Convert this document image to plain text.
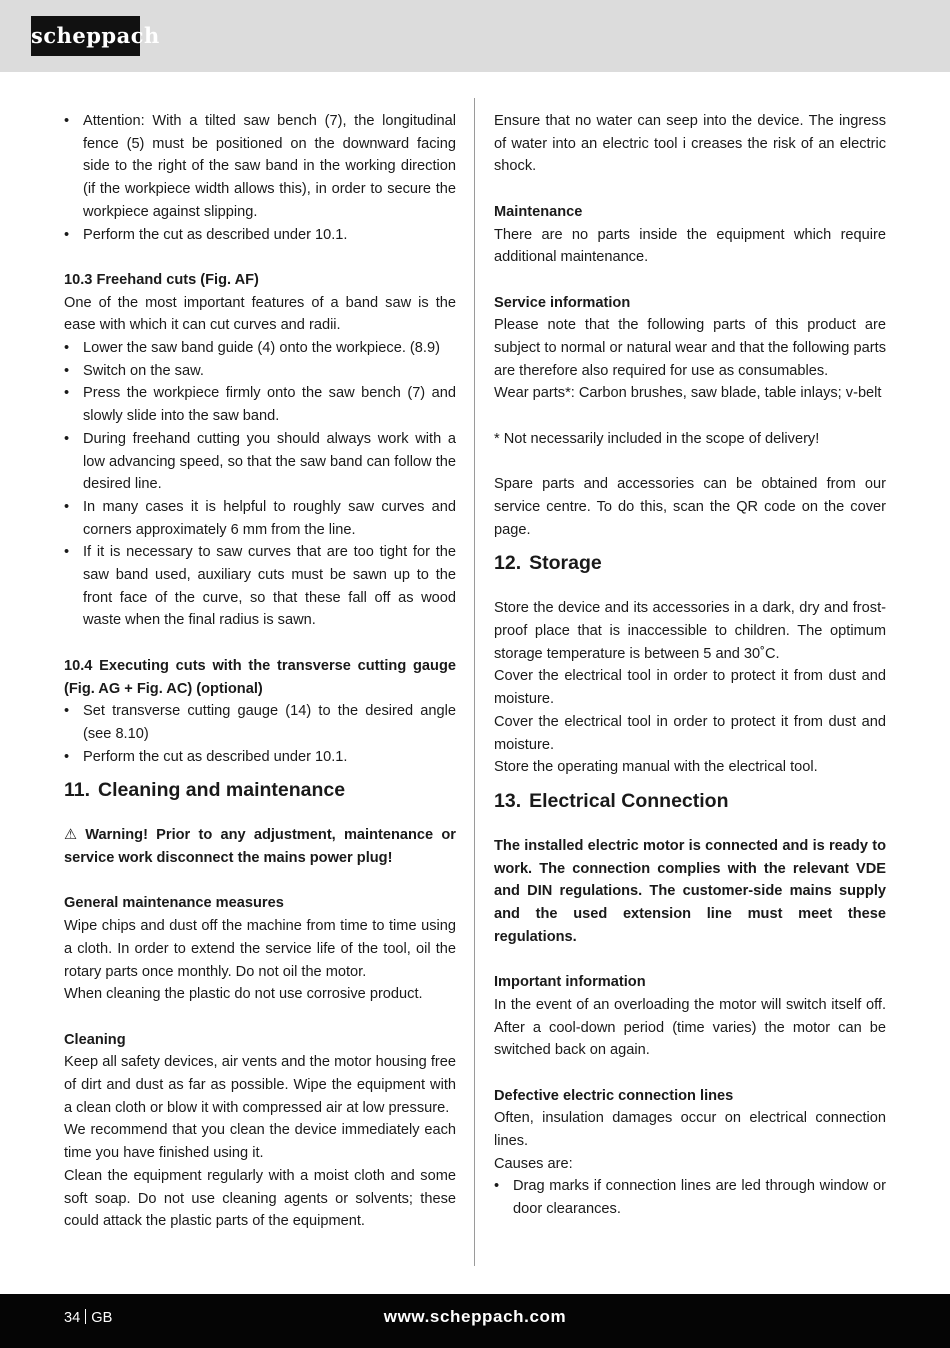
scheppach
• Attention: With a tilted saw bench (7), the longitudinal fence (5) must be positioned on the downward facing side to the right of the saw band in the working direction (if the workpiece width allows this), in order to secure the workpiece against slipping.
• Perform the cut as described under 10.1.

10.3 Freehand cuts (Fig. AF)

One of the most important features of a band saw is the ease with which it can cut curves and radii.

• Lower the saw band guide (4) onto the workpiece. (8.9)
• Switch on the saw.
• Press the workpiece firmly onto the saw bench (7) and slowly slide into the saw band.
• During freehand cutting you should always work with a low advancing speed, so that the saw band can follow the desired line.
• In many cases it is helpful to roughly saw curves and corners approximately 6 mm from the line.
• If it is necessary to saw curves that are too tight for the saw band used, auxiliary cuts must be sawn up to the front face of the curve, so that these fall off as wood waste when the final radius is sawn.

10.4 Executing cuts with the transverse cutting gauge (Fig. AG + Fig. AC) (optional)

• Set transverse cutting gauge (14) to the desired angle (see 8.10)
• Perform the cut as described under 10.1.
11. Cleaning and maintenance

⚠ Warning! Prior to any adjustment, maintenance or service work disconnect the mains power plug!

General maintenance measures

Wipe chips and dust off the machine from time to time using a cloth. In order to extend the service life of the tool, oil the rotary parts once monthly. Do not oil the motor.

When cleaning the plastic do not use corrosive product.

Cleaning

Keep all safety devices, air vents and the motor housing free of dirt and dust as far as possible. Wipe the equipment with a clean cloth or blow it with compressed air at low pressure.

We recommend that you clean the device immediately each time you have finished using it.

Clean the equipment regularly with a moist cloth and some soft soap. Do not use cleaning agents or solvents; these could attack the plastic parts of the equipment.

Ensure that no water can seep into the device. The ingress of water into an electric tool i creases the risk of an electric shock.

Maintenance

There are no parts inside the equipment which require additional maintenance.

Service information

Please note that the following parts of this product are subject to normal or natural wear and that the following parts are therefore also required for use as consumables.

Wear parts*: Carbon brushes, saw blade, table inlays; v-belt

* Not necessarily included in the scope of delivery!

Spare parts and accessories can be obtained from our service centre. To do this, scan the QR code on the cover page.

12. Storage

Store the device and its accessories in a dark, dry and frost-proof place that is inaccessible to children. The optimum storage temperature is between 5 and 30˚C.

Cover the electrical tool in order to protect it from dust and moisture.

Cover the electrical tool in order to protect it from dust and moisture.

Store the operating manual with the electrical tool.

13. Electrical Connection

The installed electric motor is connected and is ready to work. The connection complies with the relevant VDE and DIN regulations. The customer-side mains supply and the used extension line must meet these regulations.

Important information

In the event of an overloading the motor will switch itself off. After a cool-down period (time varies) the motor can be switched back on again.

Defective electric connection lines

Often, insulation damages occur on electrical connection lines.

Causes are:

• Drag marks if connection lines are led through window or door clearances.
34 GB	www.scheppach.com
